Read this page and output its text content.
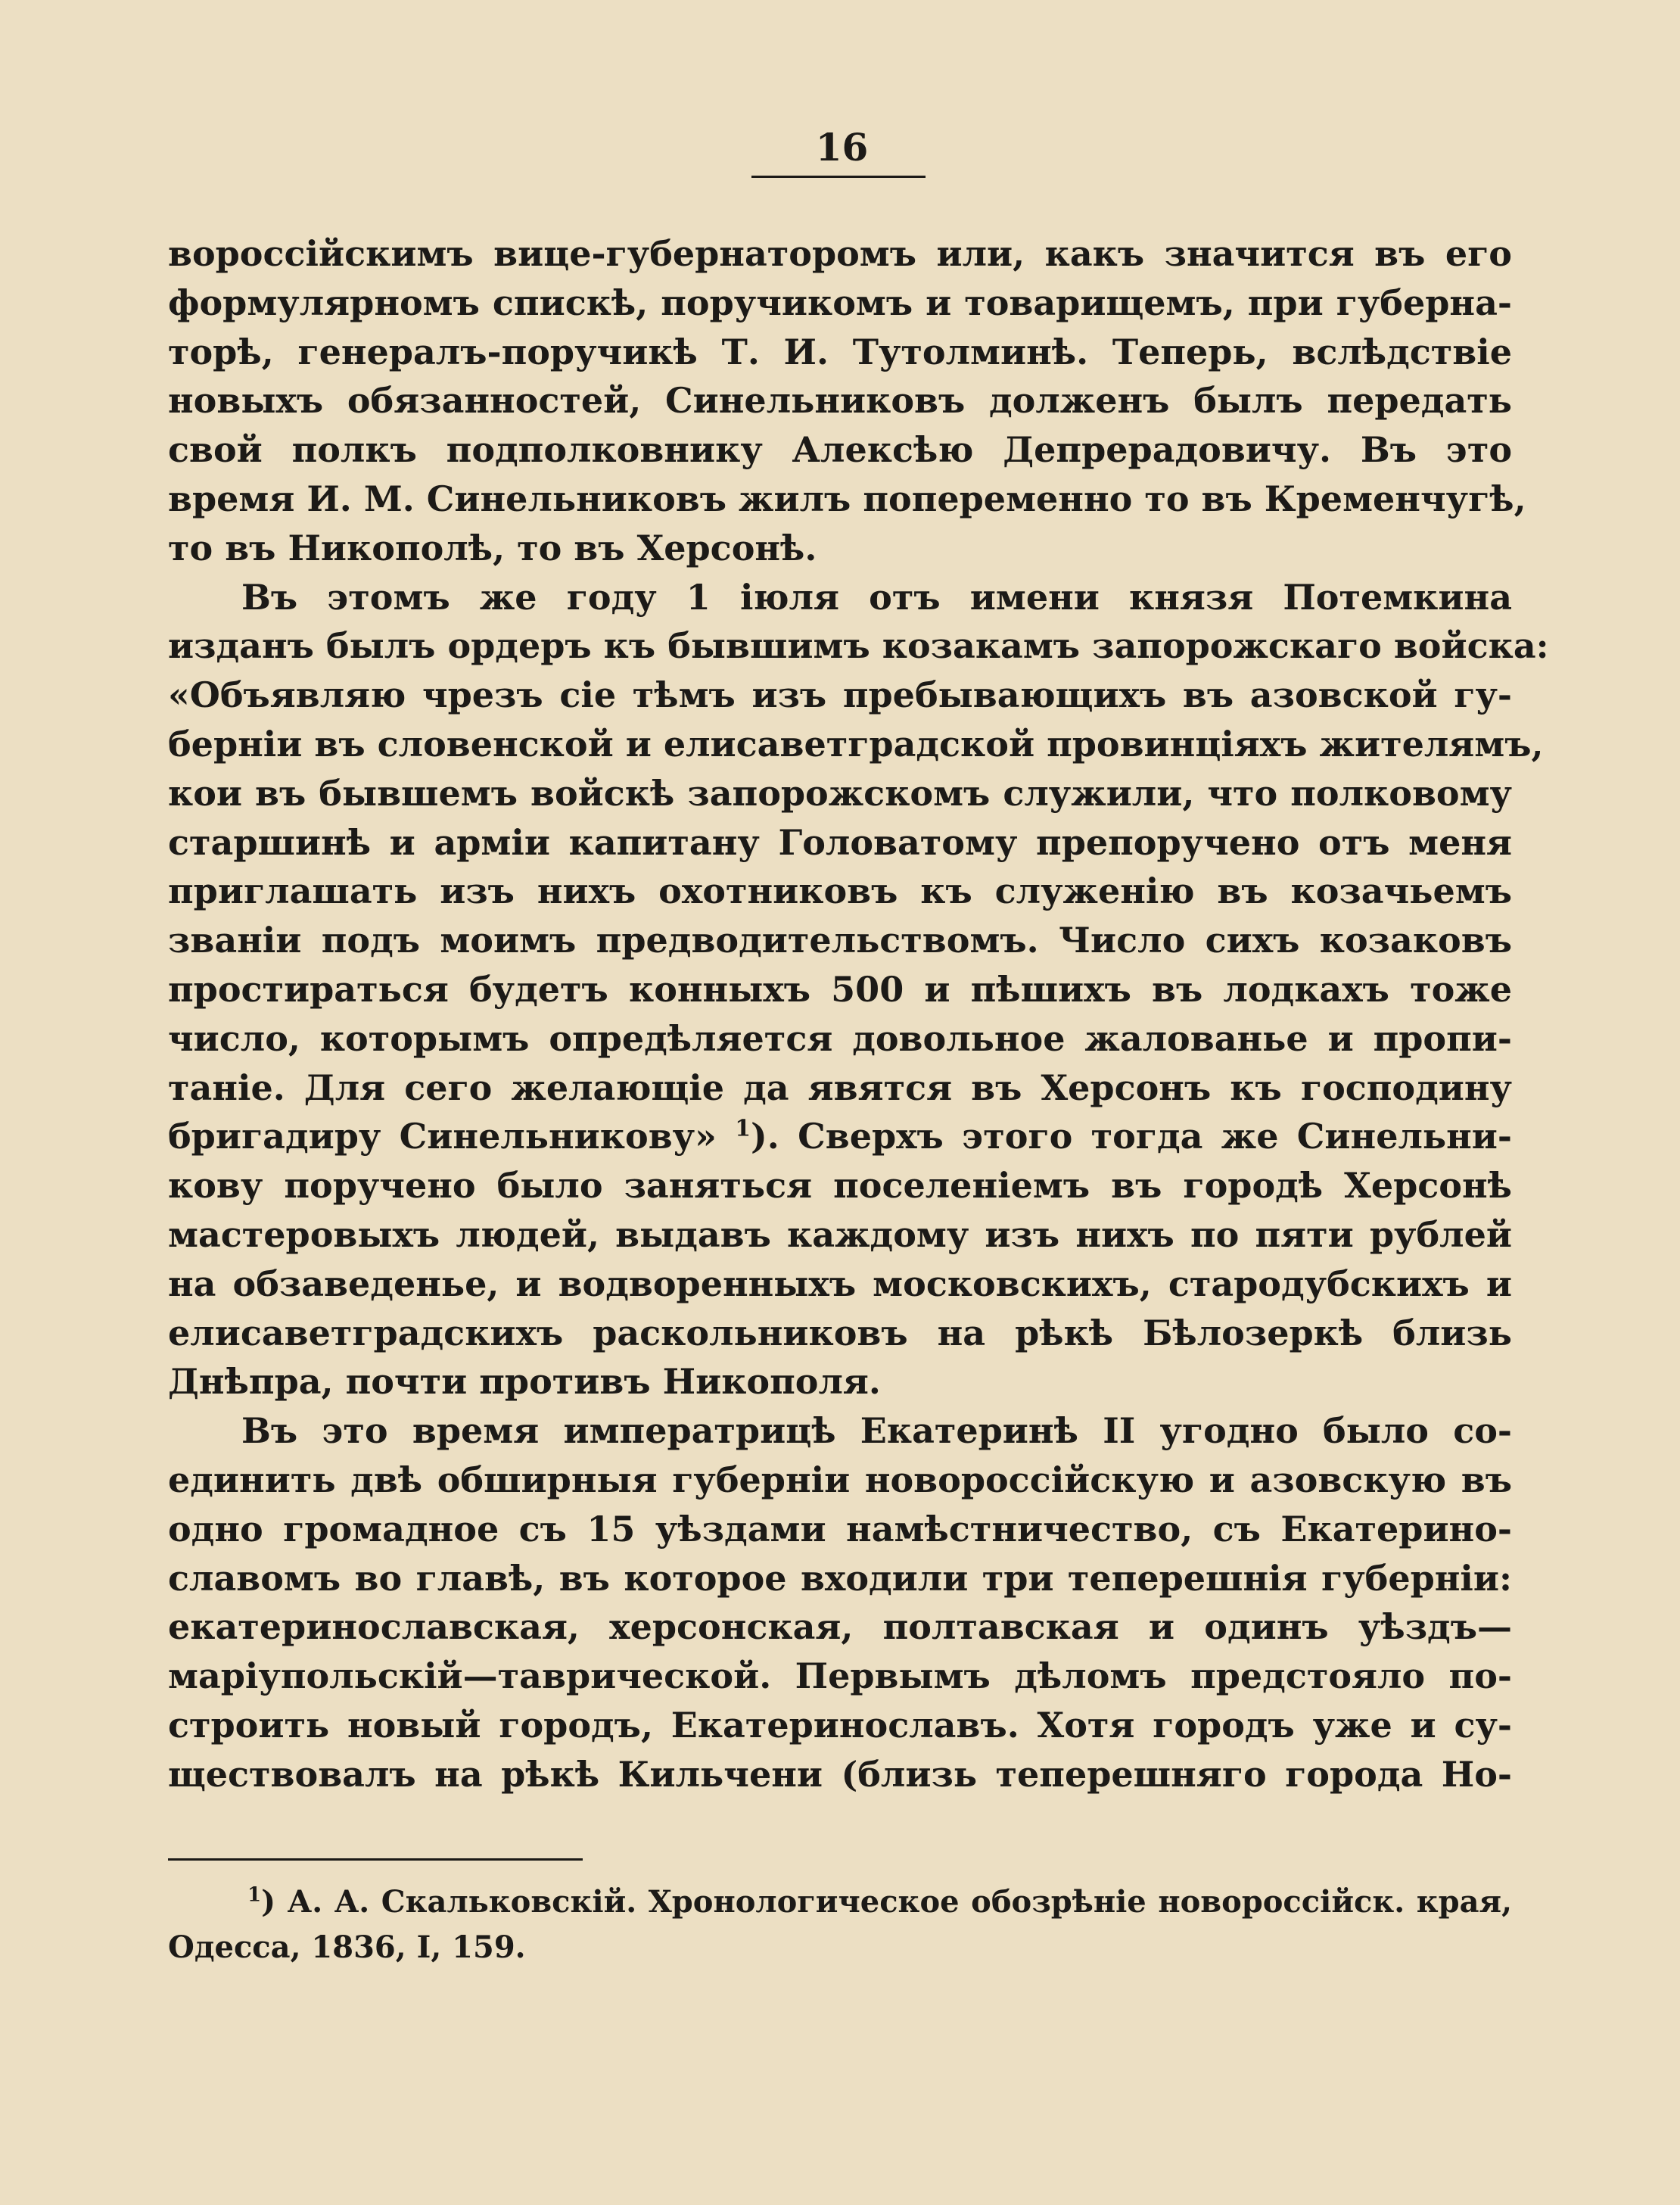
16
вороссійскимъ вице-губернаторомъ или, какъ значится въ его
формулярномъ спискѣ, поручикомъ и товарищемъ, при губерна-
торѣ, генералъ-поручикѣ Т. И. Тутолминѣ. Теперь, вслѣдствіе
новыхъ обязанностей, Синельниковъ долженъ былъ передать
свой полкъ подполковнику Алексѣю Депрерадовичу. Въ это
время И. М. Синельниковъ жилъ попеременно то въ Кременчугѣ,
то въ Никополѣ, то въ Херсонѣ.
Въ этомъ же году 1 іюля отъ имени князя Потемкина
изданъ былъ ордеръ къ бывшимъ козакамъ запорожскаго войска:
«Объявляю чрезъ сіе тѣмъ изъ пребывающихъ въ азовской гу-
берніи въ словенской и елисаветградской провинціяхъ жителямъ,
кои въ бывшемъ войскѣ запорожскомъ служили, что полковому
старшинѣ и арміи капитану Головатому препоручено отъ меня
приглашать изъ нихъ охотниковъ къ служенію въ козачьемъ
званіи подъ моимъ предводительствомъ. Число сихъ козаковъ
простираться будетъ конныхъ 500 и пѣшихъ въ лодкахъ тоже
число, которымъ опредѣляется довольное жалованье и пропи-
таніе. Для сего желающіе да явятся въ Херсонъ къ господину
бригадиру Синельникову» $^1$). Сверхъ этого тогда же Синельни-
кову поручено было заняться поселеніемъ въ городѣ Херсонѣ
мастеровыхъ людей, выдавъ каждому изъ нихъ по пяти рублей
на обзаведенье, и водворенныхъ московскихъ, стародубскихъ и
елисаветградскихъ раскольниковъ на рѣкѣ Бѣлозеркѣ близь
Днѣпра, почти противъ Никополя.
Въ это время императрицѣ Екатеринѣ II угодно было со-
единить двѣ обширныя губерніи новороссійскую и азовскую въ
одно громадное съ 15 уѣздами намѣстничество, съ Екатерино-
славомъ во главѣ, въ которое входили три теперешнія губерніи:
екатеринославская, херсонская, полтавская и одинъ уѣздъ—
маріупольскій—таврической. Первымъ дѣломъ предстояло по-
строить новый городъ, Екатеринославъ. Хотя городъ уже и су-
ществовалъ на рѣкѣ Кильчени (близь теперешняго города Но-
$^1$) А. А. Скальковскій. Хронологическое обозрѣніе новороссійск. края,
Одесса, 1836, I, 159.
